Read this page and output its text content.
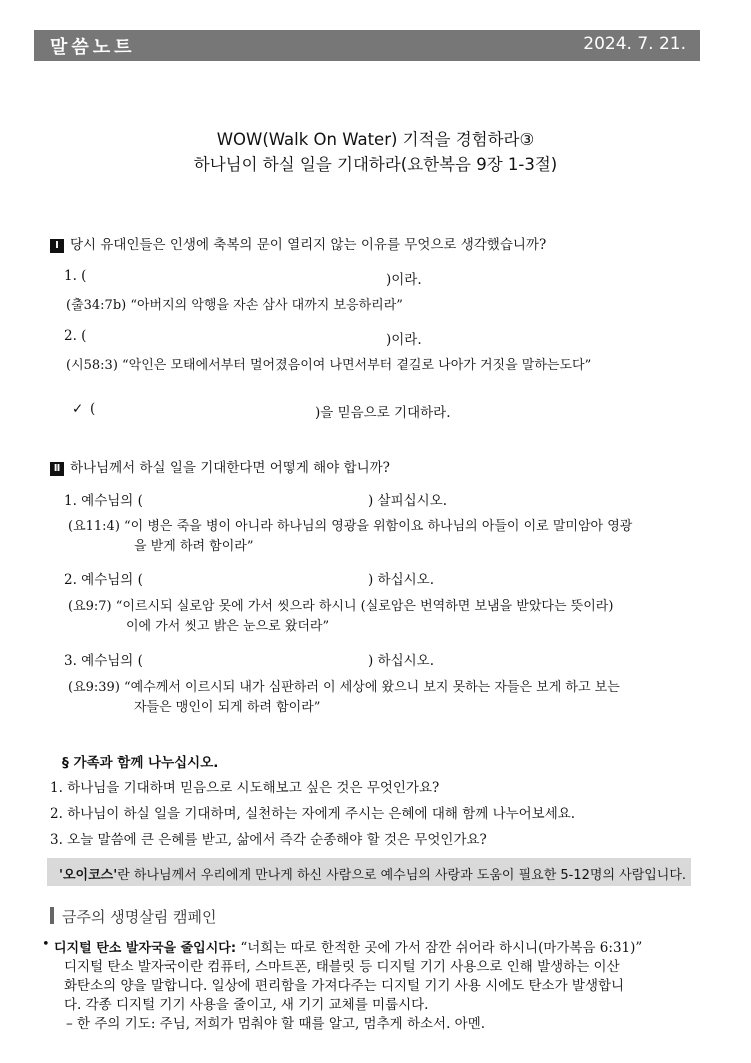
말씀노트	2024. 7. 21.
WOW(Walk On Water) 기적을 경험하라③
하나님이 하실 일을 기대하라(요한복음 9장 1-3절)
Ⅰ 당시 유대인들은 인생에 축복의 문이 열리지 않는 이유를 무엇으로 생각했습니까?
1. (	)이라.
(출34:7b) “아버지의 악행을 자손 삼사 대까지 보응하리라”
2. (	)이라.
(시58:3) “악인은 모태에서부터 멀어졌음이여 나면서부터 곁길로 나아가 거짓을 말하는도다”
✓ (	)을 믿음으로 기대하라.
Ⅱ 하나님께서 하실 일을 기대한다면 어떻게 해야 합니까?
1. 예수님의 (	) 살피십시오.
(요11:4) “이 병은 죽을 병이 아니라 하나님의 영광을 위함이요 하나님의 아들이 이로 말미암아 영광
을 받게 하려 함이라”
2. 예수님의 (	) 하십시오.
(요9:7) “이르시되 실로암 못에 가서 씻으라 하시니 (실로암은 번역하면 보냄을 받았다는 뜻이라)
이에 가서 씻고 밝은 눈으로 왔더라”
3. 예수님의 (	) 하십시오.
(요9:39) “예수께서 이르시되 내가 심판하러 이 세상에 왔으니 보지 못하는 자들은 보게 하고 보는
자들은 맹인이 되게 하려 함이라”
§ 가족과 함께 나누십시오.
1. 하나님을 기대하며 믿음으로 시도해보고 싶은 것은 무엇인가요?
2. 하나님이 하실 일을 기대하며, 실천하는 자에게 주시는 은혜에 대해 함께 나누어보세요.
3. 오늘 말씀에 큰 은혜를 받고, 삶에서 즉각 순종해야 할 것은 무엇인가요?
'오이코스'란 하나님께서 우리에게 만나게 하신 사람으로 예수님의 사랑과 도움이 필요한 5-12명의 사람입니다.
금주의 생명살림 캠페인
• 디지털 탄소 발자국을 줄입시다: “너희는 따로 한적한 곳에 가서 잠깐 쉬어라 하시니(마가복음 6:31)”
디지털 탄소 발자국이란 컴퓨터, 스마트폰, 태블릿 등 디지털 기기 사용으로 인해 발생하는 이산
화탄소의 양을 말합니다. 일상에 편리함을 가져다주는 디지털 기기 사용 시에도 탄소가 발생합니
다. 각종 디지털 기기 사용을 줄이고, 새 기기 교체를 미룹시다.
– 한 주의 기도: 주님, 저희가 멈춰야 할 때를 알고, 멈추게 하소서. 아멘.
